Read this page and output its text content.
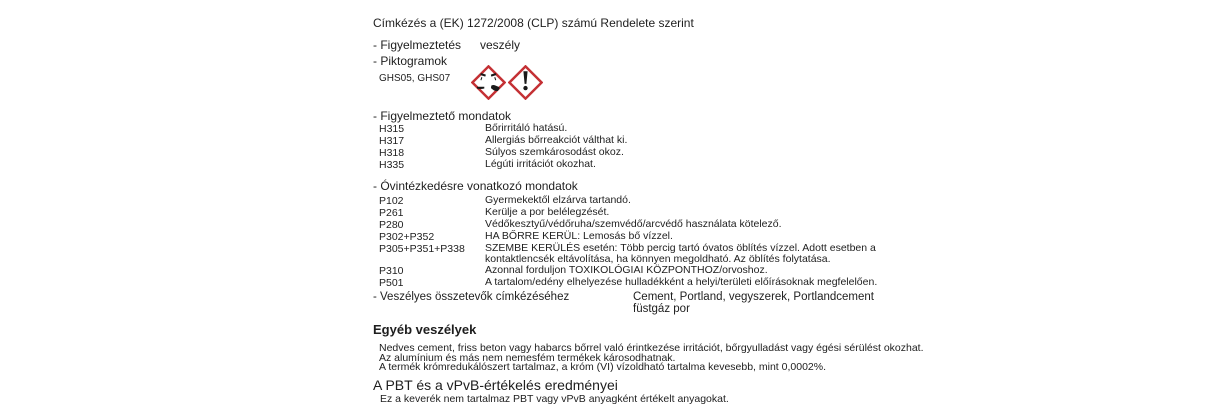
Címkézés a (EK) 1272/2008 (CLP) számú Rendelete szerint
- Figyelmeztetés veszély
- Piktogramok
GHS05, GHS07
- Figyelmeztető mondatok
H315	Bőrirritáló hatású.
H317	Allergiás bőrreakciót válthat ki.
H318	Súlyos szemkárosodást okoz.
H335	Légúti irritációt okozhat.
- Óvintézkedésre vonatkozó mondatok
P102	Gyermekektől elzárva tartandó.
P261	Kerülje a por belélegzését.
P280	Védőkesztyű/védőruha/szemvédő/arcvédő használata kötelező.
P302+P352	HA BŐRRE KERÜL: Lemosás bő vízzel.
P305+P351+P338 SZEMBE KERÜLÉS esetén: Több percig tartó óvatos öblítés vízzel. Adott esetben a kontaktlencsék eltávolítása, ha könnyen megoldható. Az öblítés folytatása.
P310	Azonnal forduljon TOXIKOLÓGIAI KÖZPONTHOZ/orvoshoz.
P501	A tartalom/edény elhelyezése hulladékként a helyi/területi előírásoknak megfelelően.
- Veszélyes összetevők címkézéséhez	Cement, Portland, vegyszerek, Portlandcement
füstgáz por
Egyéb veszélyek
Nedves cement, friss beton vagy habarcs bőrrel való érintkezése irritációt, bőrgyulladást vagy égési sérülést okozhat.
Az alumínium és más nem nemesfém termékek károsodhatnak.
A termék krómredukálószert tartalmaz, a króm (VI) vízoldható tartalma kevesebb, mint 0,0002%.
A PBT és a vPvB-értékelés eredményei
Ez a keverék nem tartalmaz PBT vagy vPvB anyagként értékelt anyagokat.
